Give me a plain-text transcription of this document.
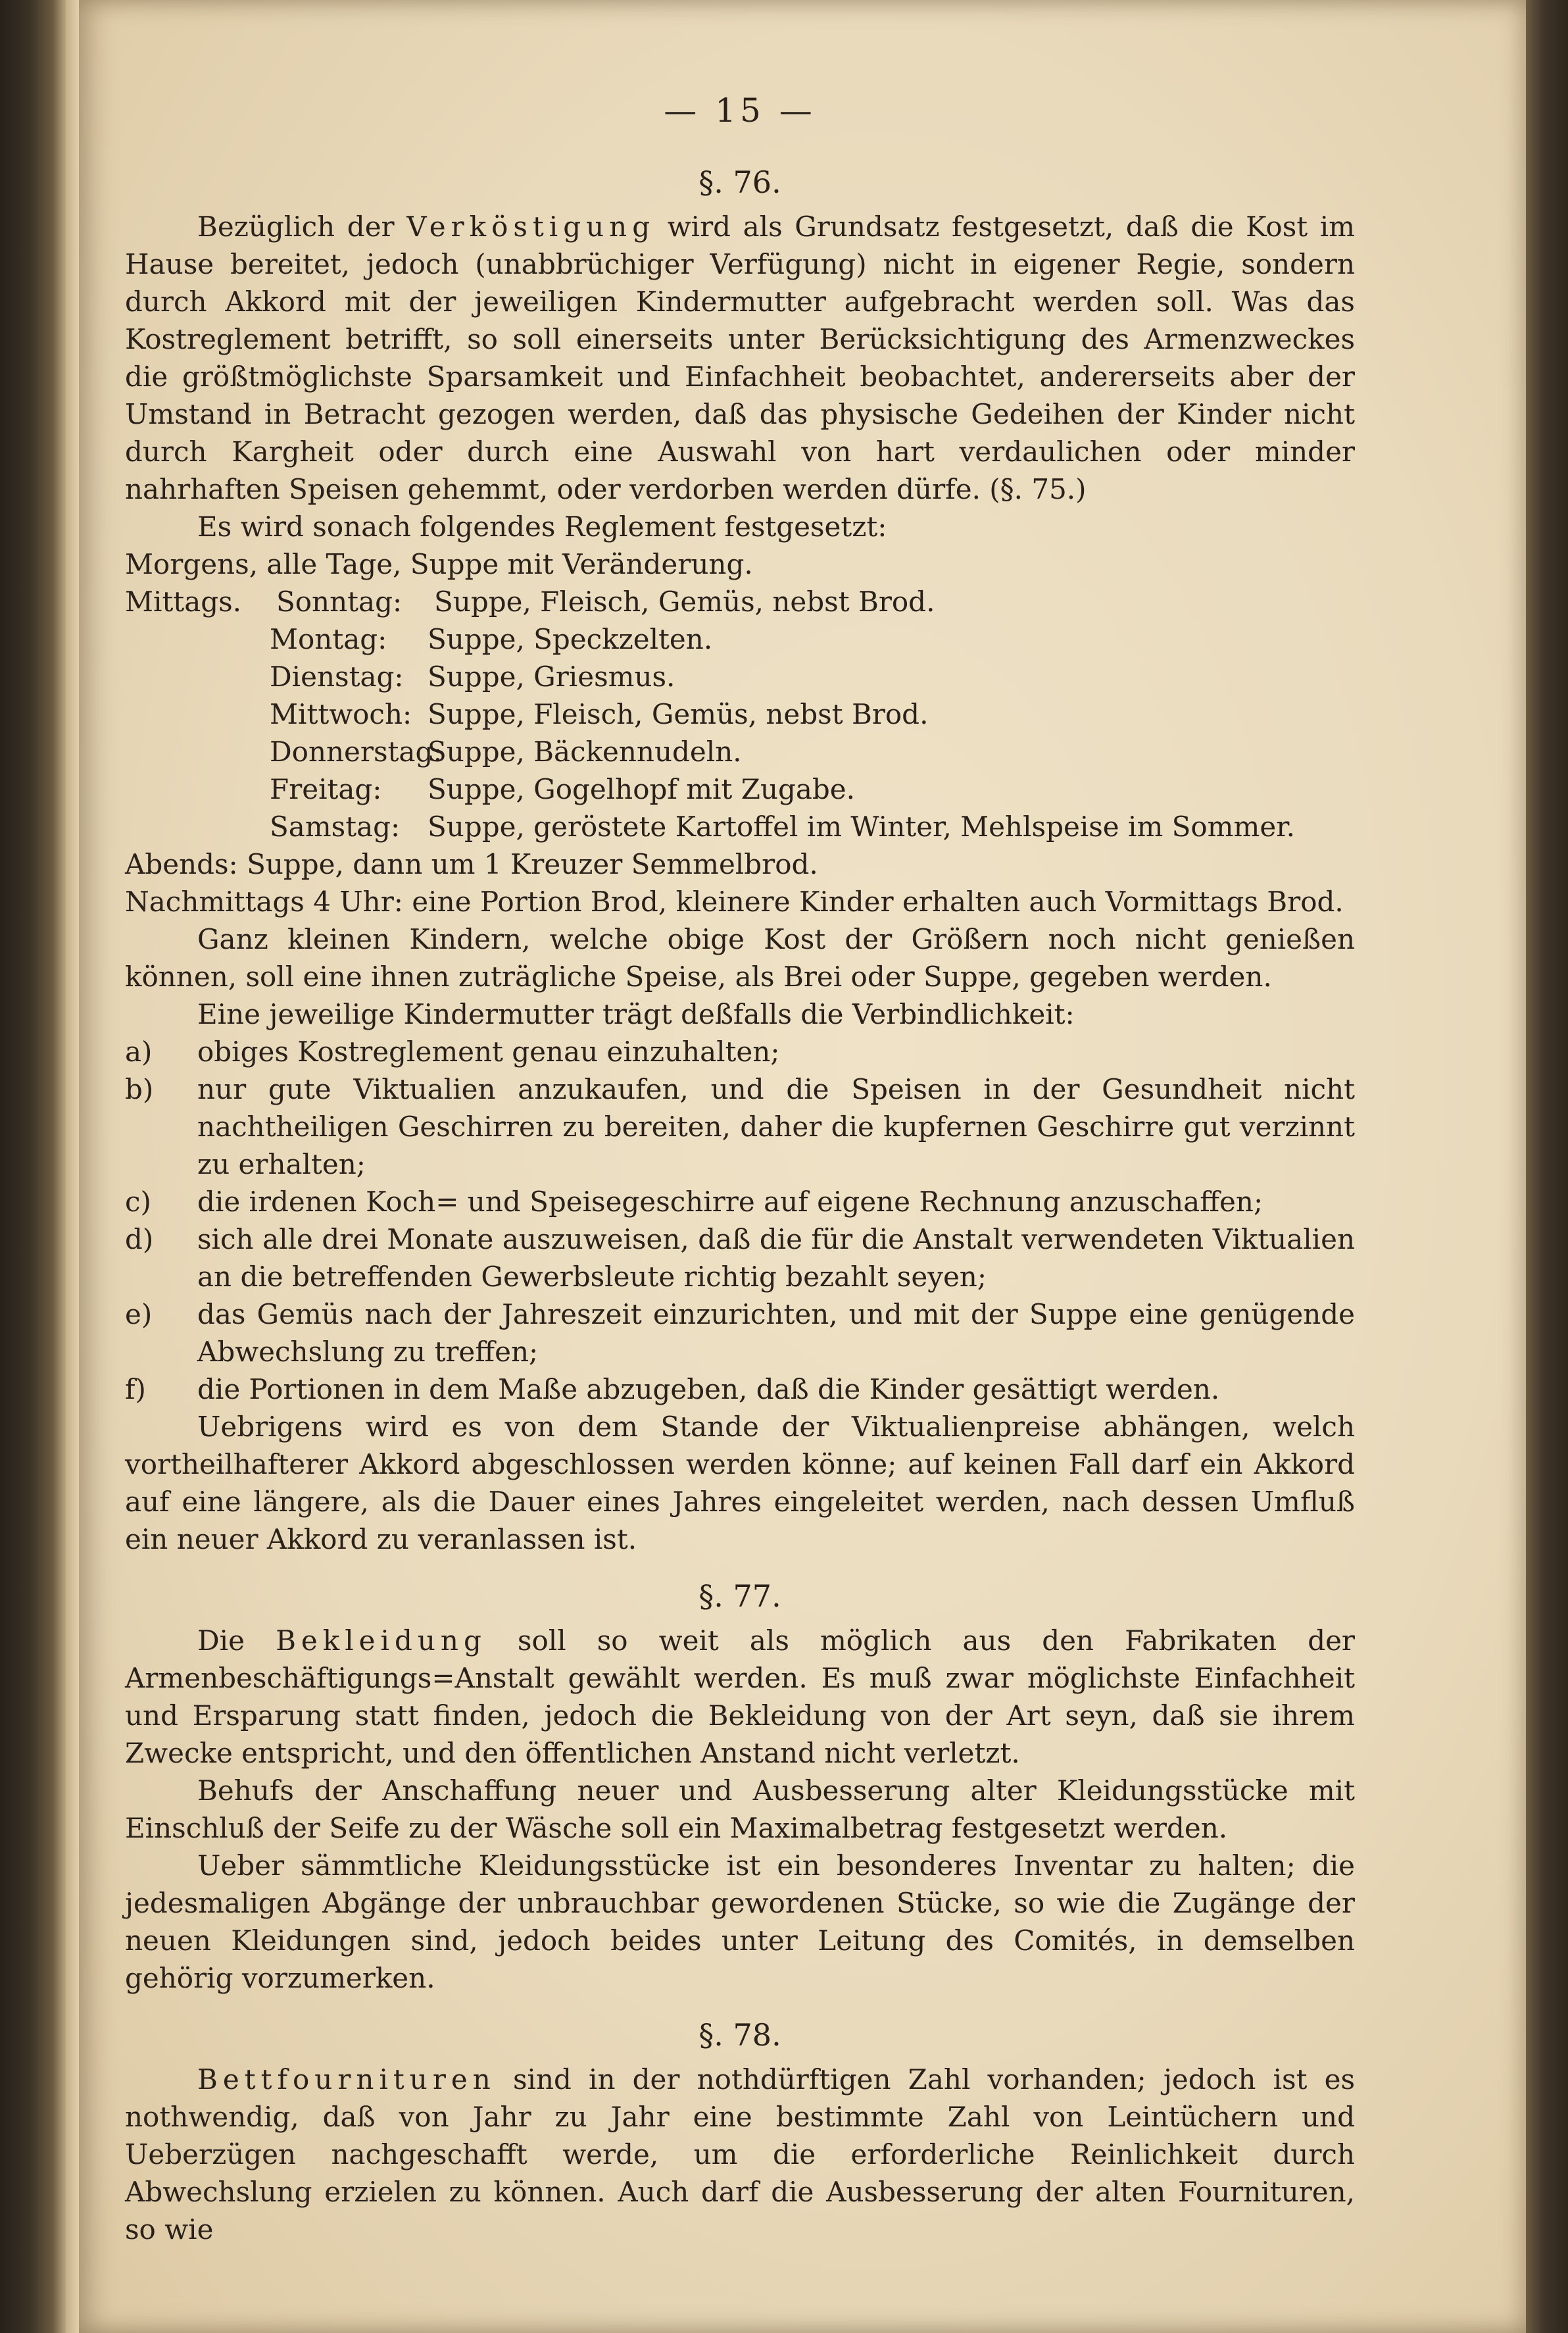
— 15 —
§. 76.

Bezüglich der Verköstigung wird als Grundsatz festgesetzt, daß die Kost im Hause bereitet, jedoch (unabbrüchiger Verfügung) nicht in eigener Regie, sondern durch Akkord mit der jeweiligen Kindermutter aufgebracht werden soll. Was das Kostreglement betrifft, so soll einerseits unter Berücksichtigung des Armenzweckes die größtmöglichste Sparsamkeit und Einfachheit beobachtet, andererseits aber der Umstand in Betracht gezogen werden, daß das physische Gedeihen der Kinder nicht durch Kargheit oder durch eine Auswahl von hart verdaulichen oder minder nahrhaften Speisen gehemmt, oder verdorben werden dürfe. (§. 75.)

Es wird sonach folgendes Reglement festgesetzt:

Morgens, alle Tage, Suppe mit Veränderung.

Mittags.	Sonntag: Suppe, Fleisch, Gemüs, nebst Brod.
Montag: Suppe, Speckzelten.
Dienstag: Suppe, Griesmus.
Mittwoch: Suppe, Fleisch, Gemüs, nebst Brod.
Donnerstag:Suppe, Bäckennudeln.
Freitag: Suppe, Gogelhopf mit Zugabe.
Samstag: Suppe, geröstete Kartoffel im Winter, Mehlspeise im Sommer.

Abends: Suppe, dann um 1 Kreuzer Semmelbrod.

Nachmittags 4 Uhr: eine Portion Brod, kleinere Kinder erhalten auch Vormittags Brod.

Ganz kleinen Kindern, welche obige Kost der Größern noch nicht genießen können, soll eine ihnen zuträgliche Speise, als Brei oder Suppe, gegeben werden.

Eine jeweilige Kindermutter trägt deßfalls die Verbindlichkeit:

a)	obiges Kostreglement genau einzuhalten;
b)	nur gute Viktualien anzukaufen, und die Speisen in der Gesundheit nicht nachtheiligen Geschirren zu bereiten, daher die kupfernen Geschirre gut verzinnt zu erhalten;
c)	die irdenen Koch= und Speisegeschirre auf eigene Rechnung anzuschaffen;
d)	sich alle drei Monate auszuweisen, daß die für die Anstalt verwendeten Viktualien an die betreffenden Gewerbsleute richtig bezahlt seyen;
e)	das Gemüs nach der Jahreszeit einzurichten, und mit der Suppe eine genügende Abwechslung zu treffen;
f)	die Portionen in dem Maße abzugeben, daß die Kinder gesättigt werden.

Uebrigens wird es von dem Stande der Viktualienpreise abhängen, welch vortheilhafterer Akkord abgeschlossen werden könne; auf keinen Fall darf ein Akkord auf eine längere, als die Dauer eines Jahres eingeleitet werden, nach dessen Umfluß ein neuer Akkord zu veranlassen ist.

§. 77.

Die Bekleidung soll so weit als möglich aus den Fabrikaten der Armenbeschäftigungs=Anstalt gewählt werden. Es muß zwar möglichste Einfachheit und Ersparung statt finden, jedoch die Bekleidung von der Art seyn, daß sie ihrem Zwecke entspricht, und den öffentlichen Anstand nicht verletzt.

Behufs der Anschaffung neuer und Ausbesserung alter Kleidungsstücke mit Einschluß der Seife zu der Wäsche soll ein Maximalbetrag festgesetzt werden.

Ueber sämmtliche Kleidungsstücke ist ein besonderes Inventar zu halten; die jedesmaligen Abgänge der unbrauchbar gewordenen Stücke, so wie die Zugänge der neuen Kleidungen sind, jedoch beides unter Leitung des Comités, in demselben gehörig vorzumerken.

§. 78.

Bettfournituren sind in der nothdürftigen Zahl vorhanden; jedoch ist es nothwendig, daß von Jahr zu Jahr eine bestimmte Zahl von Leintüchern und Ueberzügen nachgeschafft werde, um die erforderliche Reinlichkeit durch Abwechslung erzielen zu können. Auch darf die Ausbesserung der alten Fournituren, so wie
